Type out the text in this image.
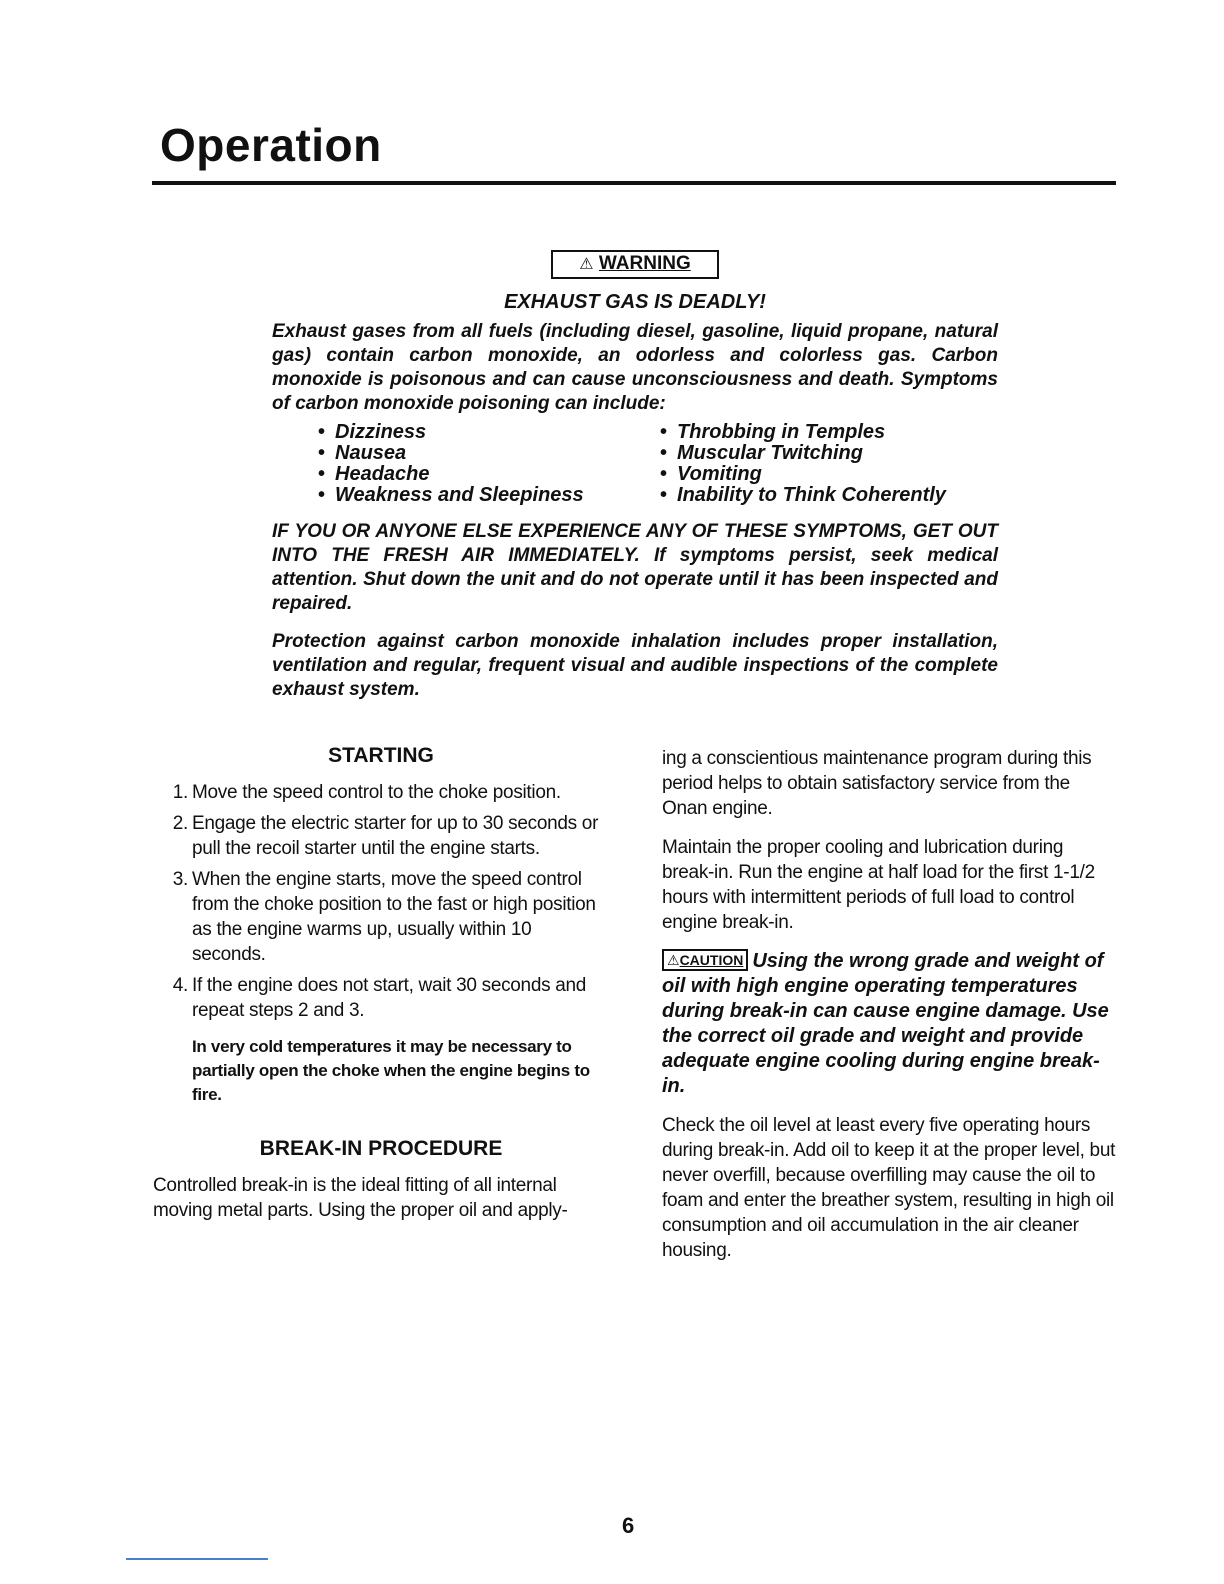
Operation
⚠ WARNING
EXHAUST GAS IS DEADLY!

Exhaust gases from all fuels (including diesel, gasoline, liquid propane, natural gas) contain carbon monoxide, an odorless and colorless gas. Carbon monoxide is poisonous and can cause unconsciousness and death. Symptoms of carbon monoxide poisoning can include:

• Dizziness
• Nausea
• Headache
• Weakness and Sleepiness
• Throbbing in Temples
• Muscular Twitching
• Vomiting
• Inability to Think Coherently

IF YOU OR ANYONE ELSE EXPERIENCE ANY OF THESE SYMPTOMS, GET OUT INTO THE FRESH AIR IMMEDIATELY. If symptoms persist, seek medical attention. Shut down the unit and do not operate until it has been inspected and repaired.

Protection against carbon monoxide inhalation includes proper installation, ventilation and regular, frequent visual and audible inspections of the complete exhaust system.

STARTING
1. Move the speed control to the choke position.
2. Engage the electric starter for up to 30 seconds or pull the recoil starter until the engine starts.
3. When the engine starts, move the speed control from the choke position to the fast or high position as the engine warms up, usually within 10 seconds.
4. If the engine does not start, wait 30 seconds and repeat steps 2 and 3.

In very cold temperatures it may be necessary to partially open the choke when the engine begins to fire.

BREAK-IN PROCEDURE

Controlled break-in is the ideal fitting of all internal moving metal parts. Using the proper oil and apply-

ing a conscientious maintenance program during this period helps to obtain satisfactory service from the Onan engine.

Maintain the proper cooling and lubrication during break-in. Run the engine at half load for the first 1-1/2 hours with intermittent periods of full load to control engine break-in.

⚠CAUTION Using the wrong grade and weight of oil with high engine operating temperatures during break-in can cause engine damage. Use the correct oil grade and weight and provide adequate engine cooling during engine break-in.

Check the oil level at least every five operating hours during break-in. Add oil to keep it at the proper level, but never overfill, because overfilling may cause the oil to foam and enter the breather system, resulting in high oil consumption and oil accumulation in the air cleaner housing.

6
